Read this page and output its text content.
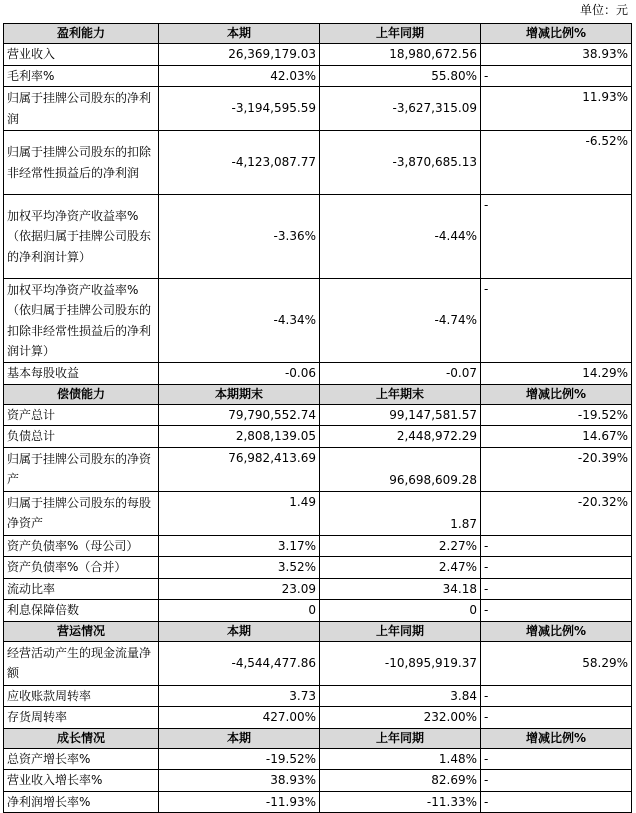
单位：元
盈利能力	本期	上年同期	增减比例%
营业收入	26,369,179.03	18,980,672.56	38.93%
毛利率%	42.03%	55.80%	-
归属于挂牌公司股东的净利润	-3,194,595.59	-3,627,315.09	11.93%
归属于挂牌公司股东的扣除非经常性损益后的净利润	-4,123,087.77	-3,870,685.13	-6.52%
加权平均净资产收益率%（依据归属于挂牌公司股东的净利润计算）	-3.36%	-4.44%	-
加权平均净资产收益率%（依归属于挂牌公司股东的扣除非经常性损益后的净利润计算）	-4.34%	-4.74%	-
基本每股收益	-0.06	-0.07	14.29%
偿债能力	本期期末	上年期末	增减比例%
资产总计	79,790,552.74	99,147,581.57	-19.52%
负债总计	2,808,139.05	2,448,972.29	14.67%
归属于挂牌公司股东的净资产	76,982,413.69	96,698,609.28	-20.39%
归属于挂牌公司股东的每股净资产	1.49	1.87	-20.32%
资产负债率%（母公司）	3.17%	2.27%	-
资产负债率%（合并）	3.52%	2.47%	-
流动比率	23.09	34.18	-
利息保障倍数	0	0	-
营运情况	本期	上年同期	增减比例%
经营活动产生的现金流量净额	-4,544,477.86	-10,895,919.37	58.29%
应收账款周转率	3.73	3.84	-
存货周转率	427.00%	232.00%	-
成长情况	本期	上年同期	增减比例%
总资产增长率%	-19.52%	1.48%	-
营业收入增长率%	38.93%	82.69%	-
净利润增长率%	-11.93%	-11.33%	-
